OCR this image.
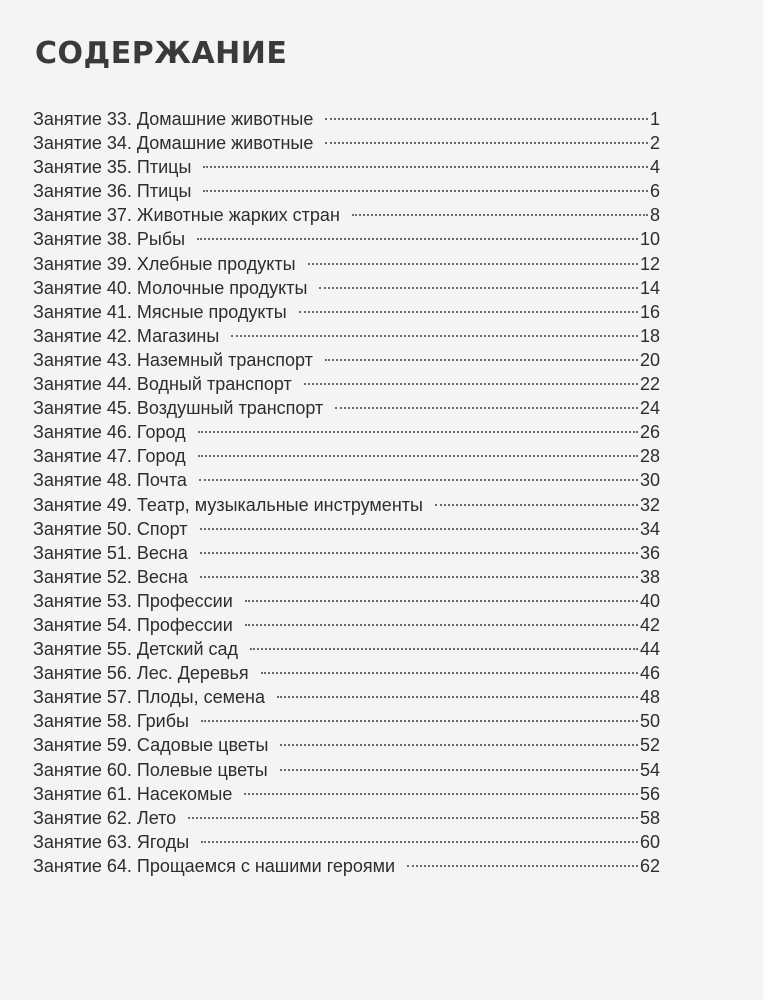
СОДЕРЖАНИЕ
Занятие 33. Домашние животные	1
Занятие 34. Домашние животные	2
Занятие 35. Птицы	4
Занятие 36. Птицы	6
Занятие 37. Животные жарких стран	8
Занятие 38. Рыбы	10
Занятие 39. Хлебные продукты	12
Занятие 40. Молочные продукты	14
Занятие 41. Мясные продукты	16
Занятие 42. Магазины	18
Занятие 43. Наземный транспорт	20
Занятие 44. Водный транспорт	22
Занятие 45. Воздушный транспорт	24
Занятие 46. Город	26
Занятие 47. Город	28
Занятие 48. Почта	30
Занятие 49. Театр, музыкальные инструменты	32
Занятие 50. Спорт	34
Занятие 51. Весна	36
Занятие 52. Весна	38
Занятие 53. Профессии	40
Занятие 54. Профессии	42
Занятие 55. Детский сад	44
Занятие 56. Лес. Деревья	46
Занятие 57. Плоды, семена	48
Занятие 58. Грибы	50
Занятие 59. Садовые цветы	52
Занятие 60. Полевые цветы	54
Занятие 61. Насекомые	56
Занятие 62. Лето	58
Занятие 63. Ягоды	60
Занятие 64. Прощаемся с нашими героями	62
